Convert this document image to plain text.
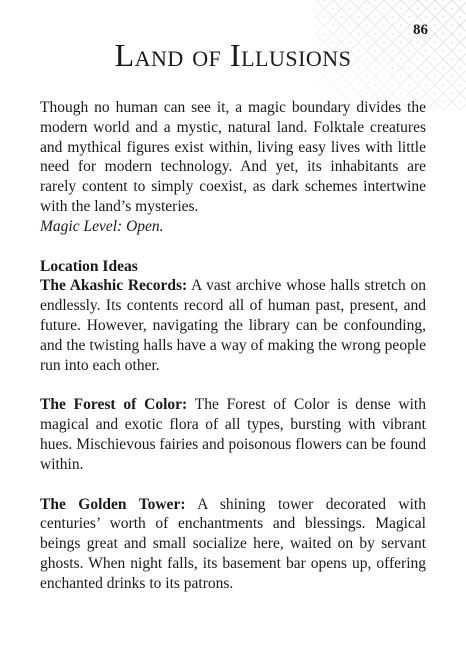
86
Land of Illusions

Though no human can see it, a magic boundary divides the modern world and a mystic, natural land. Folktale creatures and mythical figures exist within, living easy lives with little need for modern technology. And yet, its inhabitants are rarely content to simply coexist, as dark schemes intertwine with the land’s mysteries.

Magic Level: Open.

Location Ideas

The Akashic Records: A vast archive whose halls stretch on endlessly. Its contents record all of human past, present, and future. However, navigating the library can be confounding, and the twisting halls have a way of making the wrong people run into each other.

The Forest of Color: The Forest of Color is dense with magical and exotic flora of all types, bursting with vibrant hues. Mischievous fairies and poisonous flowers can be found within.

The Golden Tower: A shining tower decorated with centuries’ worth of enchantments and blessings. Magical beings great and small socialize here, waited on by servant ghosts. When night falls, its basement bar opens up, offering enchanted drinks to its patrons.
